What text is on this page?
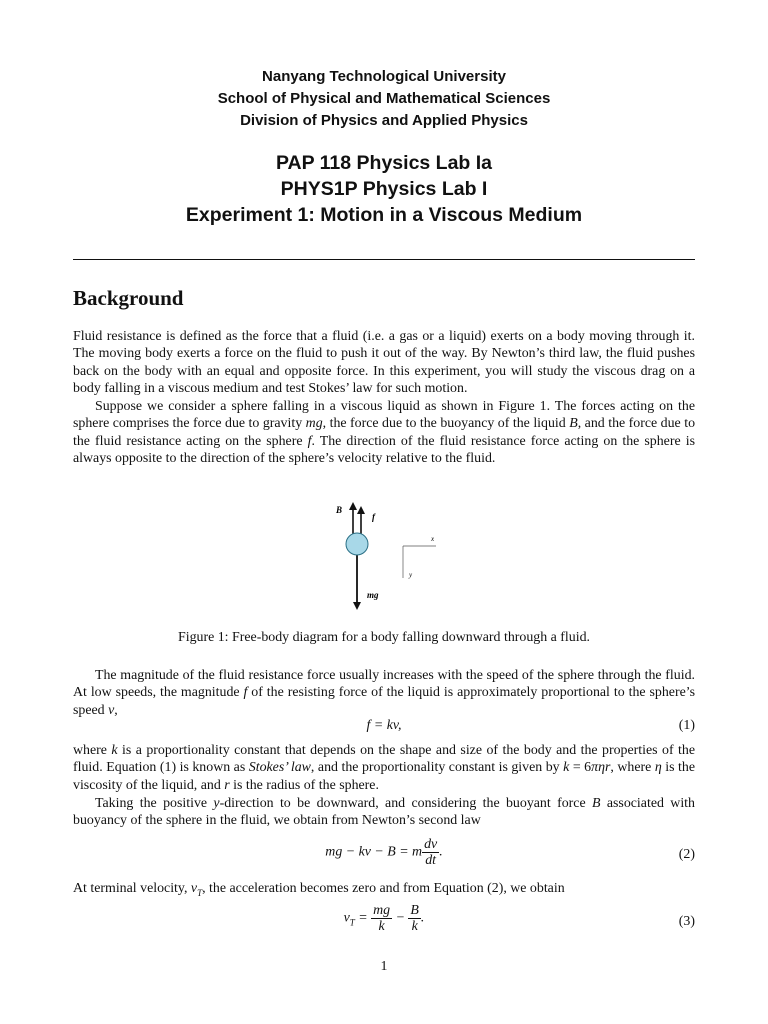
Nanyang Technological University
School of Physical and Mathematical Sciences
Division of Physics and Applied Physics
PAP 118 Physics Lab Ia
PHYS1P Physics Lab I
Experiment 1: Motion in a Viscous Medium
Background
Fluid resistance is defined as the force that a fluid (i.e. a gas or a liquid) exerts on a body moving through it. The moving body exerts a force on the fluid to push it out of the way. By Newton’s third law, the fluid pushes back on the body with an equal and opposite force. In this experiment, you will study the viscous drag on a body falling in a viscous medium and test Stokes’ law for such motion.
Suppose we consider a sphere falling in a viscous liquid as shown in Figure 1. The forces acting on the sphere comprises the force due to gravity mg, the force due to the buoyancy of the liquid B, and the force due to the fluid resistance acting on the sphere f. The direction of the fluid resistance force acting on the sphere is always opposite to the direction of the sphere’s velocity relative to the fluid.
B
f
mg
x
y
Figure 1: Free-body diagram for a body falling downward through a fluid.
The magnitude of the fluid resistance force usually increases with the speed of the sphere through the fluid. At low speeds, the magnitude f of the resisting force of the liquid is approximately proportional to the sphere’s speed v,
f = kv,	(1)
where k is a proportionality constant that depends on the shape and size of the body and the properties of the fluid. Equation (1) is known as Stokes’ law, and the proportionality constant is given by k = 6πηr, where η is the viscosity of the liquid, and r is the radius of the sphere.
Taking the positive y-direction to be downward, and considering the buoyant force B associated with buoyancy of the sphere in the fluid, we obtain from Newton’s second law
mg − kv − B = m $\frac{dv}{dt}$ .	(2)
At terminal velocity, $v_T$, the acceleration becomes zero and from Equation (2), we obtain
$v_T = \frac{mg}{k} - \frac{B}{k}$ .	(3)
1
